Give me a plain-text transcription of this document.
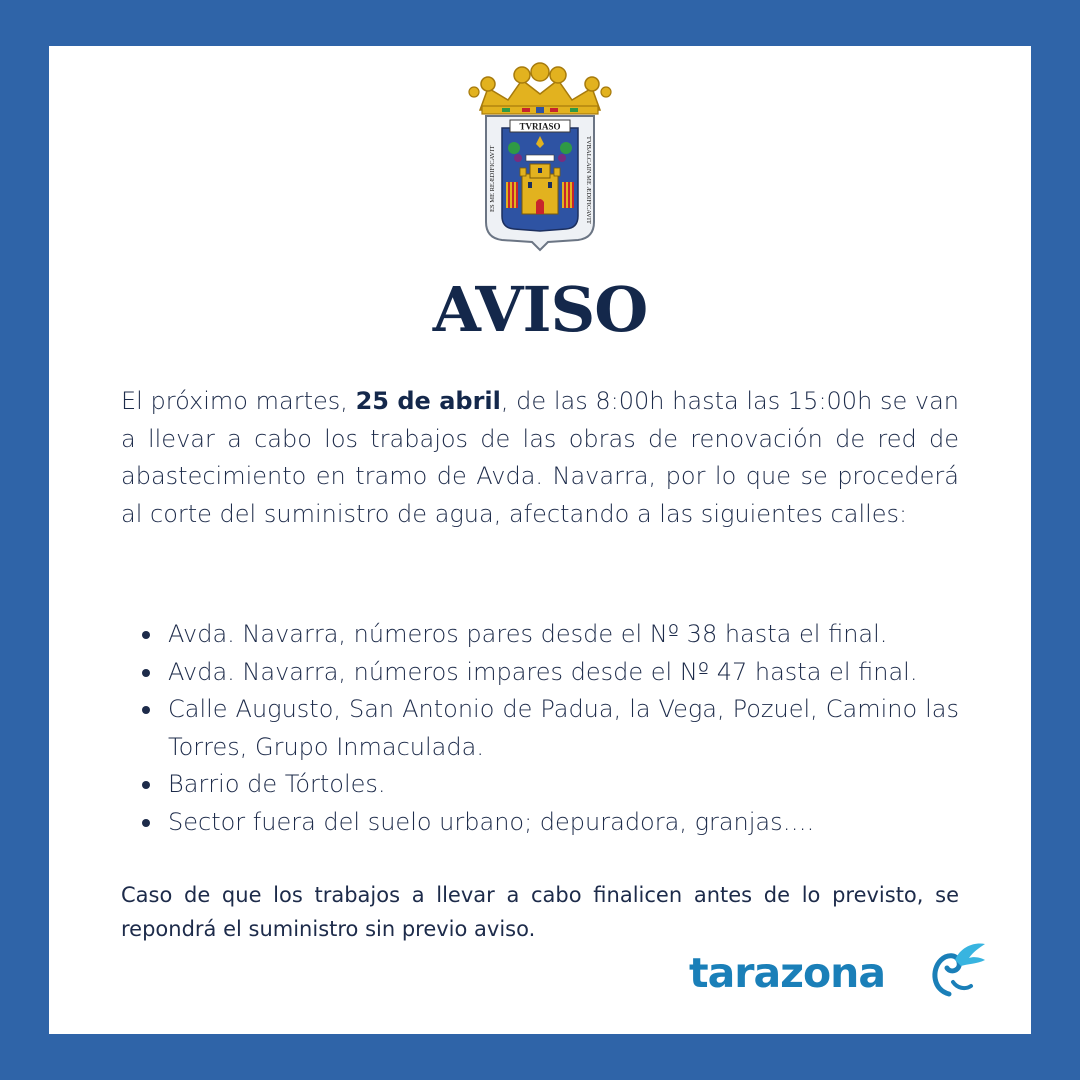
TVRIASO
ES ME REÆDIFICAVIT	TVBALCAIN ME ÆDIFICAVIT
AVISO

El próximo martes, 25 de abril, de las 8:00h hasta las 15:00h se van a llevar a cabo los trabajos de las obras de renovación de red de abastecimiento en tramo de Avda. Navarra, por lo que se procederá al corte del suministro de agua, afectando a las siguientes calles:

Avda. Navarra, números pares desde el Nº 38 hasta el final.
Avda. Navarra, números impares desde el Nº 47 hasta el final.
Calle Augusto, San Antonio de Padua, la Vega, Pozuel, Camino las Torres, Grupo Inmaculada.
Barrio de Tórtoles.
Sector fuera del suelo urbano; depuradora, granjas….

Caso de que los trabajos a llevar a cabo finalicen antes de lo previsto, se repondrá el suministro sin previo aviso.

tarazona
